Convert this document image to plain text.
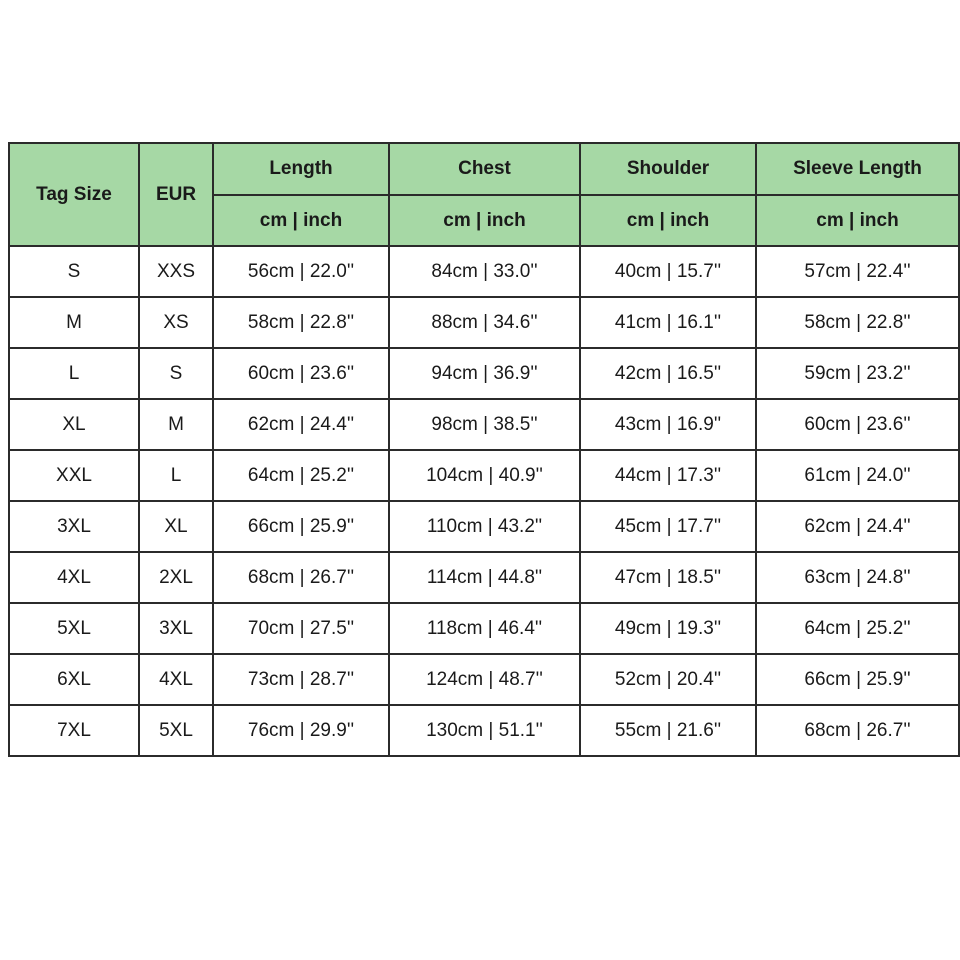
Tag Size	EUR	Length	Chest	Shoulder	Sleeve Length
		cm | inch	cm | inch	cm | inch	cm | inch
S	XXS	56cm | 22.0''	84cm | 33.0''	40cm | 15.7''	57cm | 22.4''
M	XS	58cm | 22.8''	88cm | 34.6''	41cm | 16.1''	58cm | 22.8''
L	S	60cm | 23.6''	94cm | 36.9''	42cm | 16.5''	59cm | 23.2''
XL	M	62cm | 24.4''	98cm | 38.5''	43cm | 16.9''	60cm | 23.6''
XXL	L	64cm | 25.2''	104cm | 40.9''	44cm | 17.3''	61cm | 24.0''
3XL	XL	66cm | 25.9''	110cm | 43.2''	45cm | 17.7''	62cm | 24.4''
4XL	2XL	68cm | 26.7''	114cm | 44.8''	47cm | 18.5''	63cm | 24.8''
5XL	3XL	70cm | 27.5''	118cm | 46.4''	49cm | 19.3''	64cm | 25.2''
6XL	4XL	73cm | 28.7''	124cm | 48.7''	52cm | 20.4''	66cm | 25.9''
7XL	5XL	76cm | 29.9''	130cm | 51.1''	55cm | 21.6''	68cm | 26.7''
